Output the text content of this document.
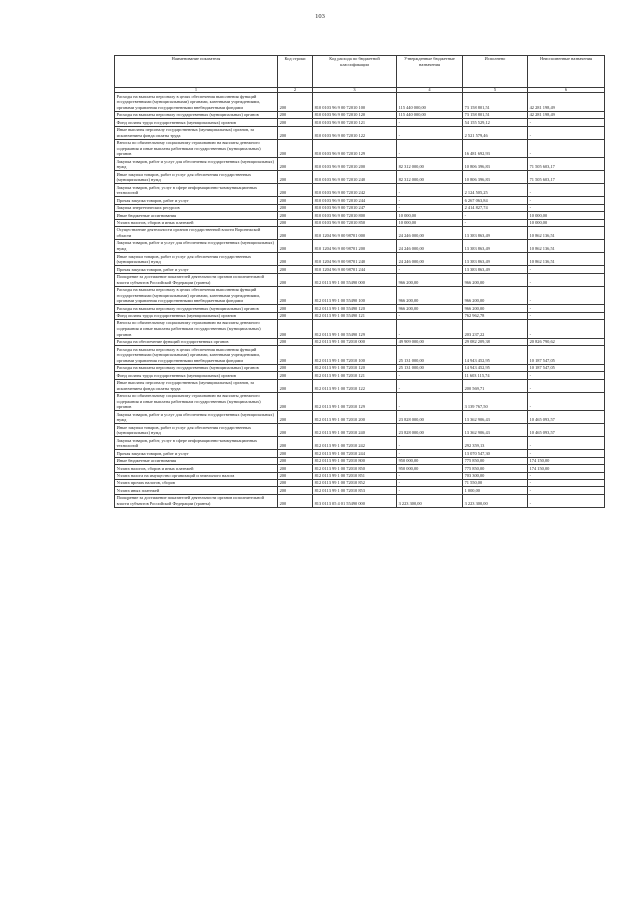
103
Наименование показателя	Код строки	Код расхода по бюджетной классификации	Утвержденные бюджетные назначения	Исполнено	Неисполненные назначения
1	2	3	4	5	6
Расходы на выплаты персоналу в целях обеспечения выполнения функций государственными (муниципальными) органами, казенными учреждениями, органами управления государственными внебюджетными фондами	200	810 0103 96 9 00 72010 100	115 440 000,00	73 158 801,51	42 281 198,49
Расходы на выплаты персоналу государственных (муниципальных) органов	200	810 0103 96 9 00 72010 120	115 440 000,00	73 158 801,51	42 281 198,49
Фонд оплаты труда государственных (муниципальных) органов	200	810 0103 96 9 00 72010 121	-	54 155 529,12	-
Иные выплаты персоналу государственных (муниципальных) органов, за исключением фонда оплаты труда	200	810 0103 96 9 00 72010 122	-	2 521 579,46	-
Взносы по обязательному социальному страхованию на выплаты денежного содержания и иные выплаты работникам государственных (муниципальных) органов	200	810 0103 96 9 00 72010 129	-	16 481 692,93	-
Закупка товаров, работ и услуг для обеспечения государственных (муниципальных) нужд	200	810 0103 96 9 00 72010 200	82 312 000,00	10 806 396,83	71 505 603,17
Иные закупки товаров, работ и услуг для обеспечения государственных (муниципальных) нужд	200	810 0103 96 9 00 72010 240	82 312 000,00	10 806 396,83	71 505 603,17
Закупка товаров, работ, услуг в сфере информационно-коммуникационных технологий	200	810 0103 96 9 00 72010 242	-	2 124 505,25	-
Прочая закупка товаров, работ и услуг	200	810 0103 96 9 00 72010 244	-	6 267 063,84	-
Закупка энергетических ресурсов	200	810 0103 96 9 00 72010 247	-	2 414 827,74	-
Иные бюджетные ассигнования	200	810 0103 96 9 00 72010 800	10 000,00	-	10 000,00
Уплата налогов, сборов и иных платежей	200	810 0103 96 9 00 72010 850	10 000,00	-	10 000,00
Осуществление деятельности органов государственной власти Воронежской области	200	810 1204 96 9 00 98701 000	24 246 000,00	13 383 863,49	10 862 136,51
Закупка товаров, работ и услуг для обеспечения государственных (муниципальных) нужд	200	810 1204 96 9 00 98701 200	24 246 000,00	13 383 863,49	10 862 136,51
Иные закупки товаров, работ и услуг для обеспечения государственных (муниципальных) нужд	200	810 1204 96 9 00 98701 240	24 246 000,00	13 383 863,49	10 862 136,51
Прочая закупка товаров, работ и услуг	200	810 1204 96 9 00 98701 244	-	13 383 863,49	-
Поощрение за достижение показателей деятельности органов исполнительной власти субъектов Российской Федерации (гранты)	200	812 0113 99 1 00 55490 000	966 200,00	966 200,00	-
Расходы на выплаты персоналу в целях обеспечения выполнения функций государственными (муниципальными) органами, казенными учреждениями, органами управления государственными внебюджетными фондами	200	812 0113 99 1 00 55490 100	966 200,00	966 200,00	-
Расходы на выплаты персоналу государственных (муниципальных) органов	200	812 0113 99 1 00 55490 120	966 200,00	966 200,00	-
Фонд оплаты труда государственных (муниципальных) органов	200	812 0113 99 1 00 55490 121	-	762 962,78	-
Взносы по обязательному социальному страхованию на выплаты денежного содержания и иные выплаты работникам государственных (муниципальных) органов	200	812 0113 99 1 00 55490 129	-	203 237,22	-
Расходы на обеспечение функций государственных органов	200	812 0113 99 1 00 72010 000	49 909 000,00	29 082 209,38	20 826 790,62
Расходы на выплаты персоналу в целях обеспечения выполнения функций государственными (муниципальными) органами, казенными учреждениями, органами управления государственными внебюджетными фондами	200	812 0113 99 1 00 72010 100	25 131 000,00	14 943 452,95	10 187 547,05
Расходы на выплаты персоналу государственных (муниципальных) органов	200	812 0113 99 1 00 72010 120	25 131 000,00	14 943 452,95	10 187 547,05
Фонд оплаты труда государственных (муниципальных) органов	200	812 0113 99 1 00 72010 121	-	11 603 115,74	-
Иные выплаты персоналу государственных (муниципальных) органов, за исключением фонда оплаты труда	200	812 0113 99 1 00 72010 122	-	200 569,71	-
Взносы по обязательному социальному страхованию на выплаты денежного содержания и иные выплаты работникам государственных (муниципальных) органов	200	812 0113 99 1 00 72010 129	-	3 139 767,50	-
Закупка товаров, работ и услуг для обеспечения государственных (муниципальных) нужд	200	812 0113 99 1 00 72010 200	23 828 000,00	13 362 906,43	10 465 093,57
Иные закупки товаров, работ и услуг для обеспечения государственных (муниципальных) нужд	200	812 0113 99 1 00 72010 240	23 828 000,00	13 362 906,43	10 465 093,57
Закупка товаров, работ, услуг в сфере информационно-коммуникационных технологий	200	812 0113 99 1 00 72010 242	-	292 359,13	-
Прочая закупка товаров, работ и услуг	200	812 0113 99 1 00 72010 244	-	13 070 547,30	-
Иные бюджетные ассигнования	200	812 0113 99 1 00 72010 800	950 000,00	775 850,00	174 150,00
Уплата налогов, сборов и иных платежей	200	812 0113 99 1 00 72010 850	950 000,00	775 850,00	174 150,00
Уплата налога на имущество организаций и земельного налога	200	812 0113 99 1 00 72010 851	-	703 300,00	-
Уплата прочих налогов, сборов	200	812 0113 99 1 00 72010 852	-	71 550,00	-
Уплата иных платежей	200	812 0113 99 1 00 72010 853	-	1 000,00	-
Поощрение за достижение показателей деятельности органов исполнительной власти субъектов Российской Федерации (гранты)	200	813 0113 05 4 01 55490 000	3 223 300,00	3 223 300,00	-
